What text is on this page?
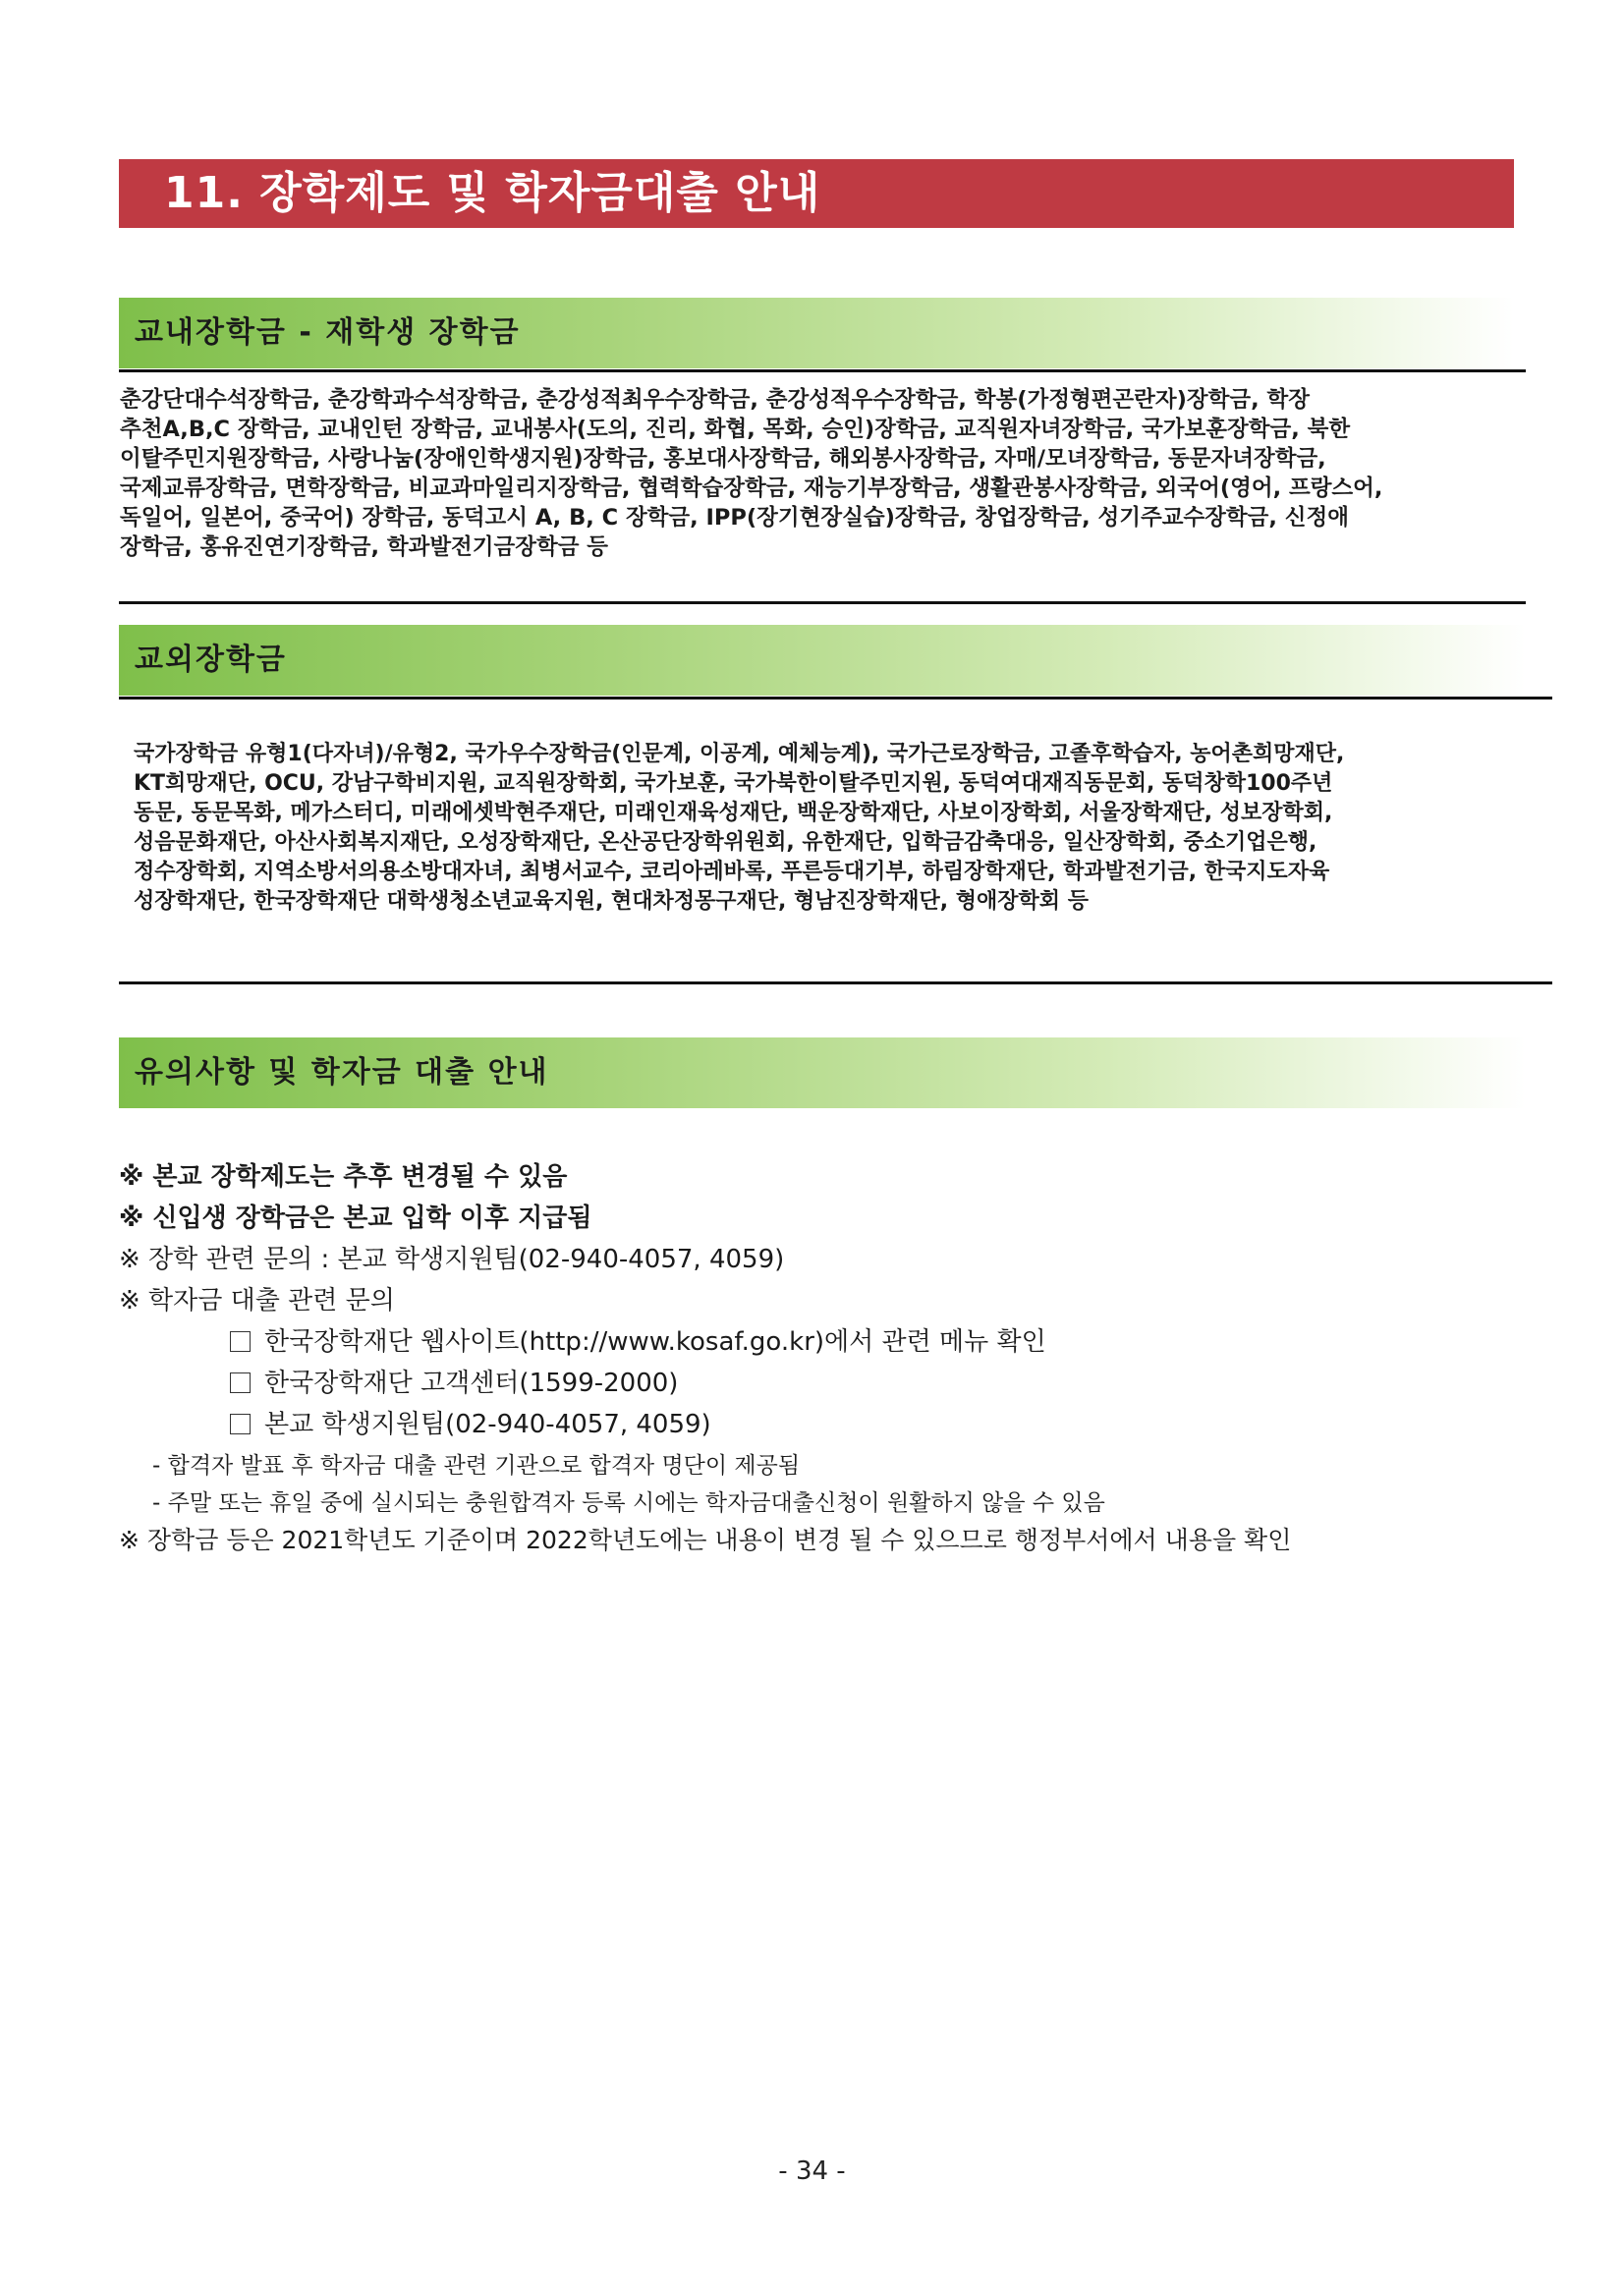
11. 장학제도 및 학자금대출 안내
교내장학금 - 재학생 장학금
춘강단대수석장학금, 춘강학과수석장학금, 춘강성적최우수장학금, 춘강성적우수장학금, 학봉(가정형편곤란자)장학금, 학장
추천A,B,C 장학금, 교내인턴 장학금, 교내봉사(도의, 진리, 화협, 목화, 승인)장학금, 교직원자녀장학금, 국가보훈장학금, 북한
이탈주민지원장학금, 사랑나눔(장애인학생지원)장학금, 홍보대사장학금, 해외봉사장학금, 자매/모녀장학금, 동문자녀장학금,
국제교류장학금, 면학장학금, 비교과마일리지장학금, 협력학습장학금, 재능기부장학금, 생활관봉사장학금, 외국어(영어, 프랑스어,
독일어, 일본어, 중국어) 장학금, 동덕고시 A, B, C 장학금, IPP(장기현장실습)장학금, 창업장학금, 성기주교수장학금, 신정애
장학금, 홍유진연기장학금, 학과발전기금장학금 등
교외장학금
국가장학금 유형1(다자녀)/유형2, 국가우수장학금(인문계, 이공계, 예체능계), 국가근로장학금, 고졸후학습자, 농어촌희망재단,
KT희망재단, OCU, 강남구학비지원, 교직원장학회, 국가보훈, 국가북한이탈주민지원, 동덕여대재직동문회, 동덕창학100주년
동문, 동문목화, 메가스터디, 미래에셋박현주재단, 미래인재육성재단, 백운장학재단, 사보이장학회, 서울장학재단, 성보장학회,
성음문화재단, 아산사회복지재단, 오성장학재단, 온산공단장학위원회, 유한재단, 입학금감축대응, 일산장학회, 중소기업은행,
정수장학회, 지역소방서의용소방대자녀, 최병서교수, 코리아레바록, 푸른등대기부, 하림장학재단, 학과발전기금, 한국지도자육
성장학재단, 한국장학재단 대학생청소년교육지원, 현대차정몽구재단, 형남진장학재단, 형애장학회 등
유의사항 및 학자금 대출 안내
※ 본교 장학제도는 추후 변경될 수 있음
※ 신입생 장학금은 본교 입학 이후 지급됨
※ 장학 관련 문의 : 본교 학생지원팀(02-940-4057, 4059)
※ 학자금 대출 관련 문의
한국장학재단 웹사이트(http://www.kosaf.go.kr)에서 관련 메뉴 확인
한국장학재단 고객센터(1599-2000)
본교 학생지원팀(02-940-4057, 4059)
- 합격자 발표 후 학자금 대출 관련 기관으로 합격자 명단이 제공됨
- 주말 또는 휴일 중에 실시되는 충원합격자 등록 시에는 학자금대출신청이 원활하지 않을 수 있음
※ 장학금 등은 2021학년도 기준이며 2022학년도에는 내용이 변경 될 수 있으므로 행정부서에서 내용을 확인
- 34 -
